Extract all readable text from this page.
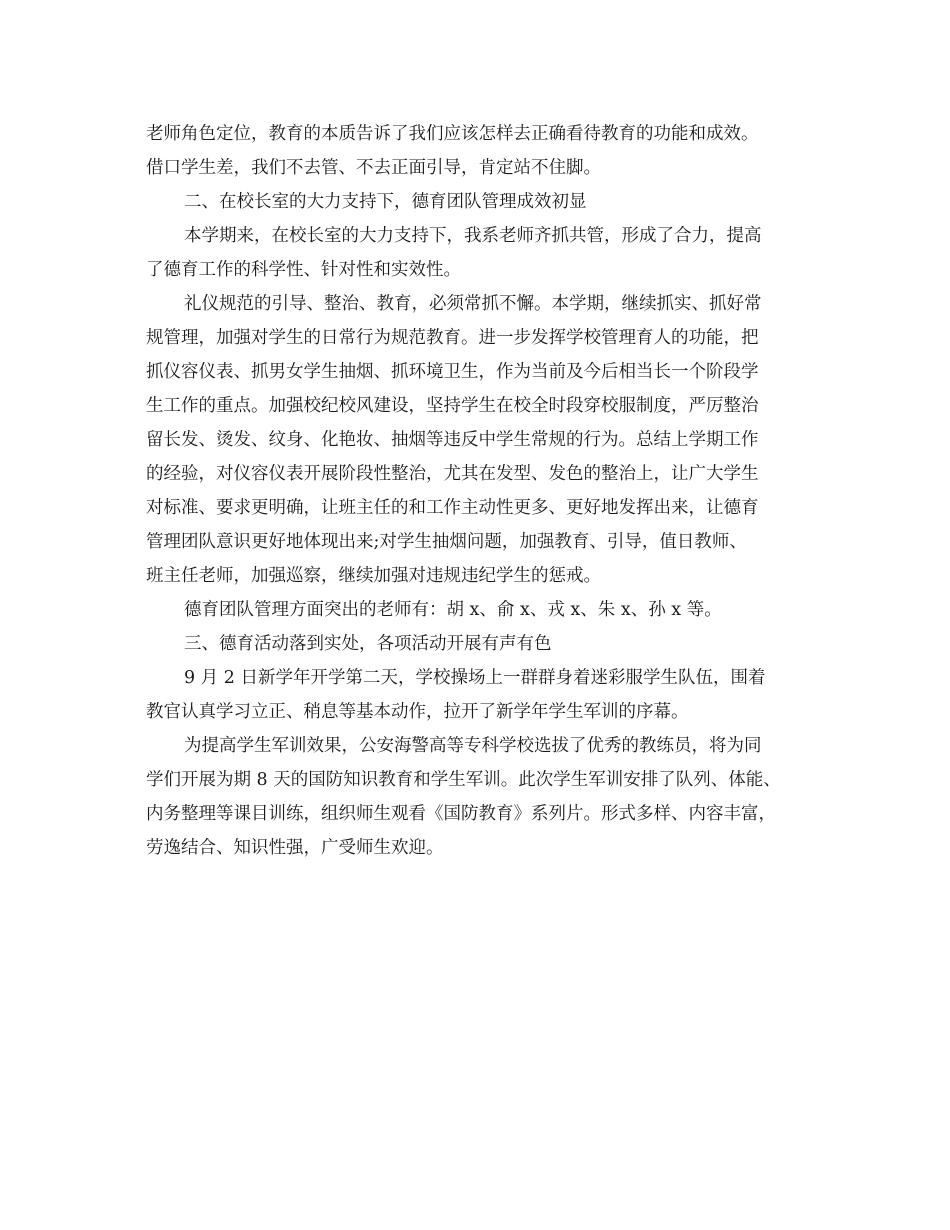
老师角色定位，教育的本质告诉了我们应该怎样去正确看待教育的功能和成效。
借口学生差，我们不去管、不去正面引导，肯定站不住脚。
二、在校长室的大力支持下，德育团队管理成效初显
本学期来，在校长室的大力支持下，我系老师齐抓共管，形成了合力，提高
了德育工作的科学性、针对性和实效性。
礼仪规范的引导、整治、教育，必须常抓不懈。本学期，继续抓实、抓好常
规管理，加强对学生的日常行为规范教育。进一步发挥学校管理育人的功能，把
抓仪容仪表、抓男女学生抽烟、抓环境卫生，作为当前及今后相当长一个阶段学
生工作的重点。加强校纪校风建设，坚持学生在校全时段穿校服制度，严厉整治
留长发、烫发、纹身、化艳妆、抽烟等违反中学生常规的行为。总结上学期工作
的经验，对仪容仪表开展阶段性整治，尤其在发型、发色的整治上，让广大学生
对标准、要求更明确，让班主任的和工作主动性更多、更好地发挥出来，让德育
管理团队意识更好地体现出来;对学生抽烟问题，加强教育、引导，值日教师、
班主任老师，加强巡察，继续加强对违规违纪学生的惩戒。
德育团队管理方面突出的老师有：胡 x、俞 x、戎 x、朱 x、孙 x 等。
三、德育活动落到实处，各项活动开展有声有色
9 月 2 日新学年开学第二天，学校操场上一群群身着迷彩服学生队伍，围着
教官认真学习立正、稍息等基本动作，拉开了新学年学生军训的序幕。
为提高学生军训效果，公安海警高等专科学校选拔了优秀的教练员，将为同
学们开展为期 8 天的国防知识教育和学生军训。此次学生军训安排了队列、体能、
内务整理等课目训练，组织师生观看《国防教育》系列片。形式多样、内容丰富，
劳逸结合、知识性强，广受师生欢迎。
